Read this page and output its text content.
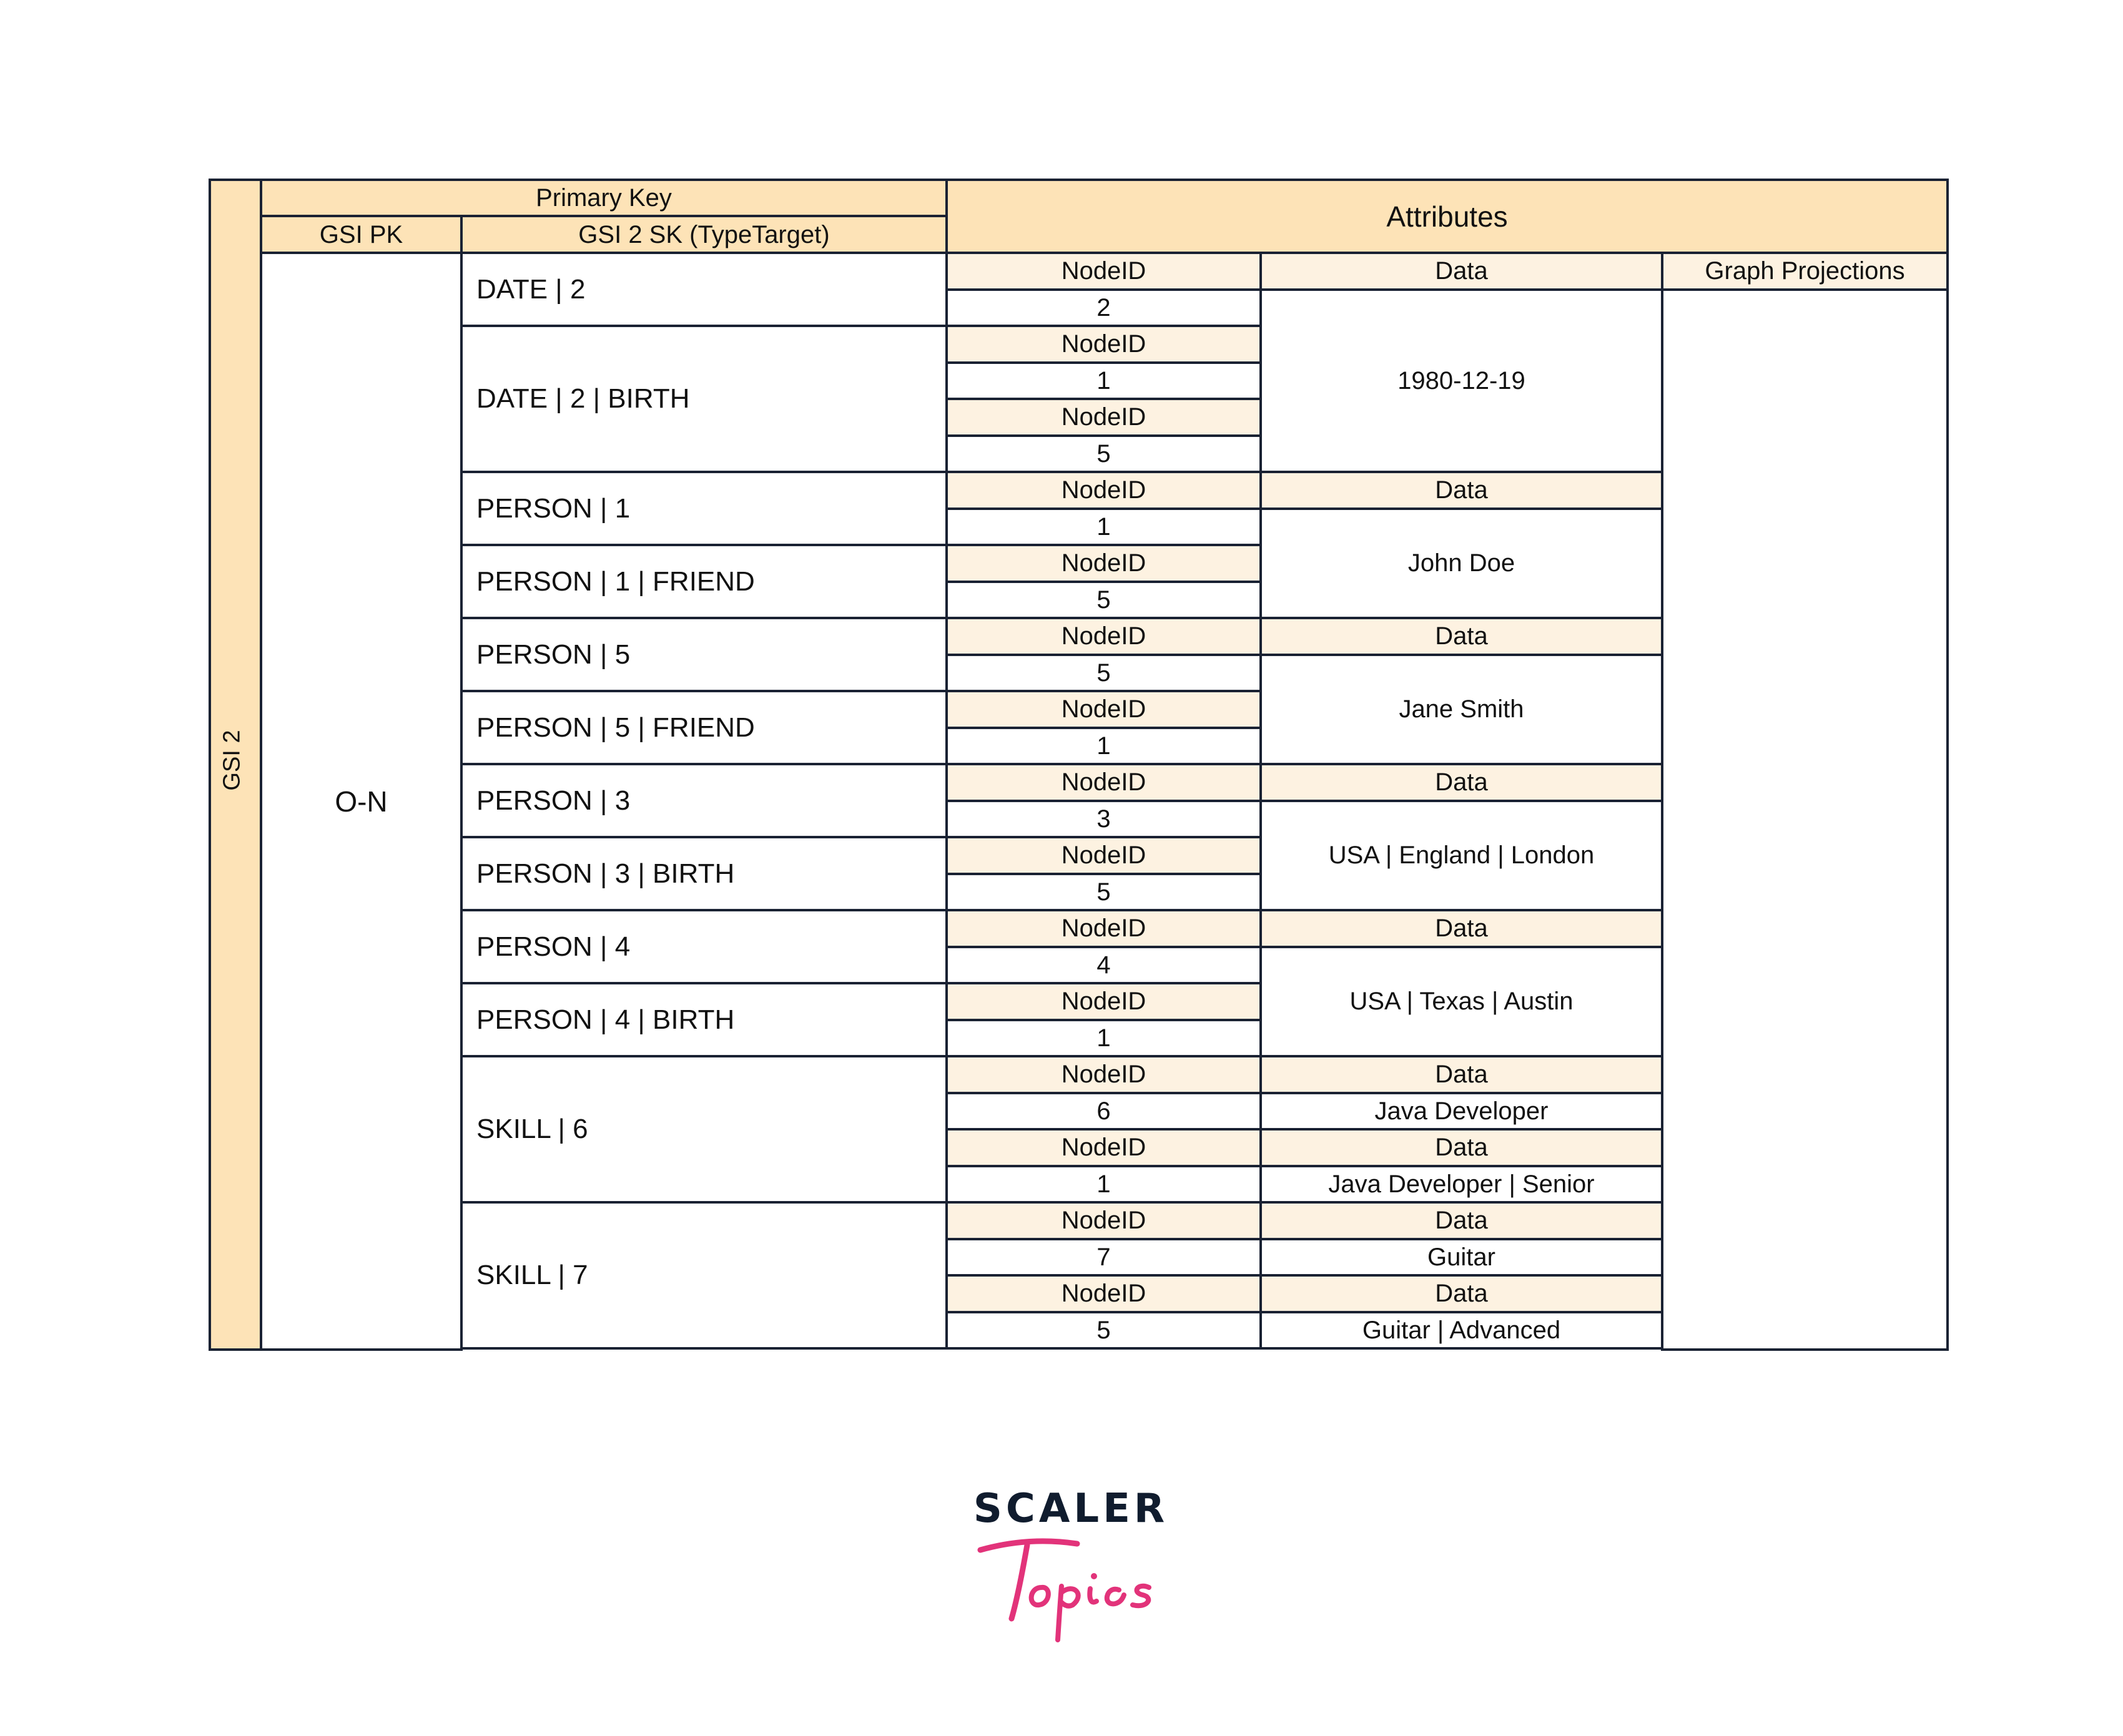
GSI 2
Primary Key
GSI PK	GSI 2 SK (TypeTarget)
Attributes
O-N
DATE | 2
DATE | 2 | BIRTH
PERSON | 1
PERSON | 1 | FRIEND
PERSON | 5
PERSON | 5 | FRIEND
PERSON | 3
PERSON | 3 | BIRTH
PERSON | 4
PERSON | 4 | BIRTH
SKILL | 6
SKILL | 7
NodeID
2
NodeID
1
NodeID
5
NodeID
1
NodeID
5
NodeID
5
NodeID
1
NodeID
3
NodeID
5
NodeID
4
NodeID
1
NodeID
6
NodeID
1
NodeID
7
NodeID
5
Data
Data
Data
Data
Data
Data
Data
Data
Data
1980-12-19
John Doe
Jane Smith
USA | England | London
USA | Texas | Austin
Java Developer
Java Developer | Senior
Guitar
Guitar | Advanced
Graph Projections
SCALER
